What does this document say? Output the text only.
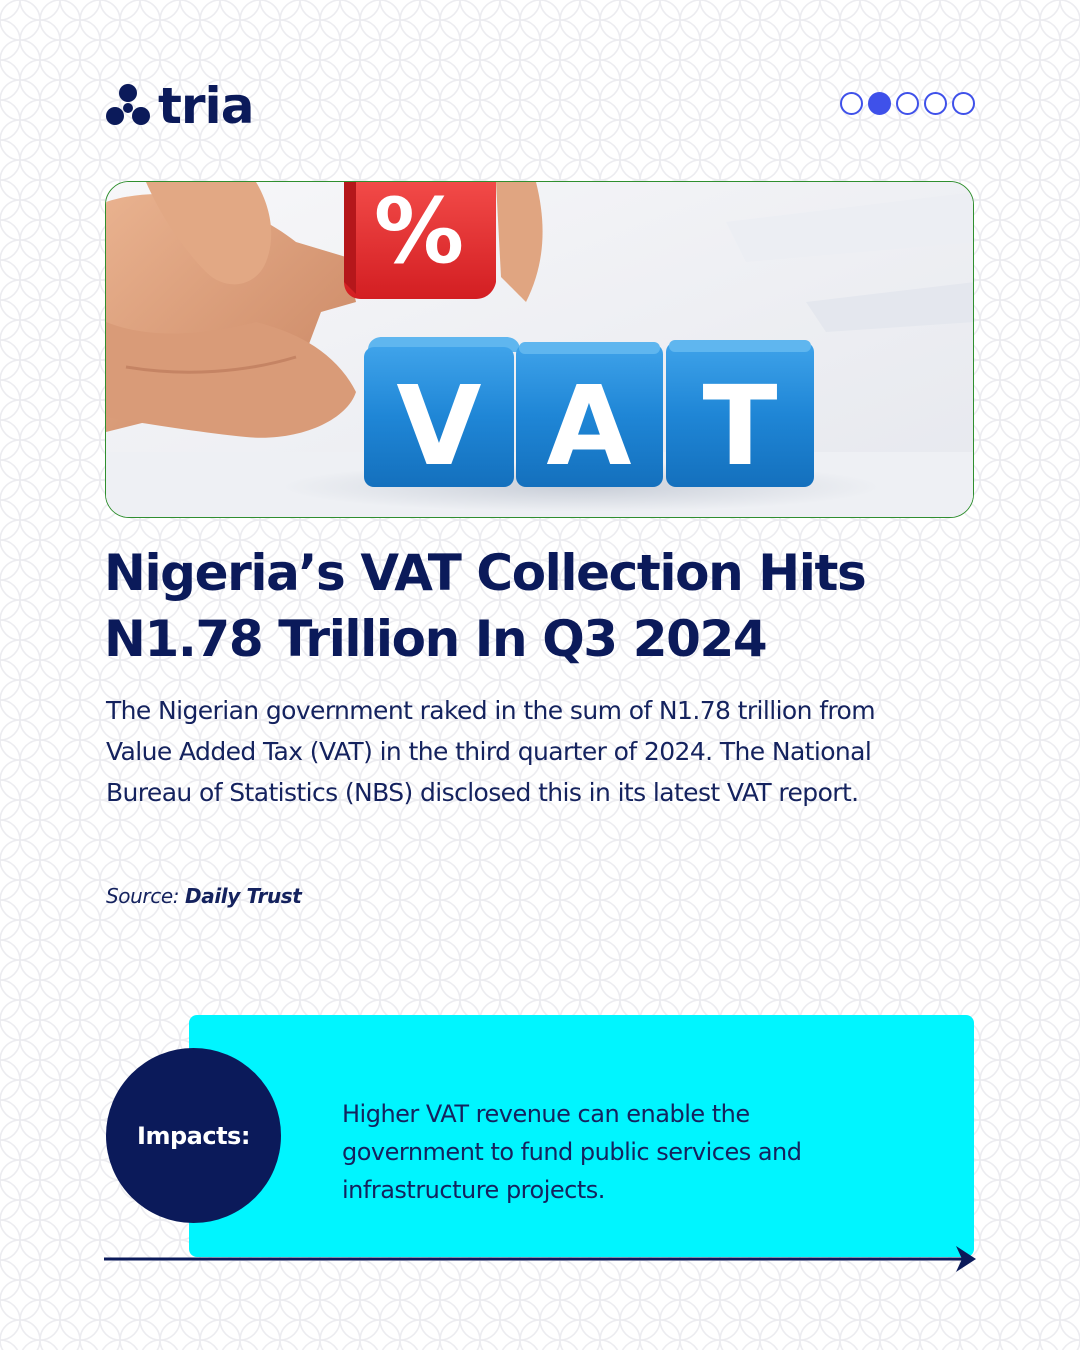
tria
%
V A T
Nigeria’s VAT Collection Hits N1.78 Trillion In Q3 2024

The Nigerian government raked in the sum of N1.78 trillion from Value Added Tax (VAT) in the third quarter of 2024. The National Bureau of Statistics (NBS) disclosed this in its latest VAT report.

Source: Daily Trust
Impacts:

Higher VAT revenue can enable the government to fund public services and infrastructure projects.
